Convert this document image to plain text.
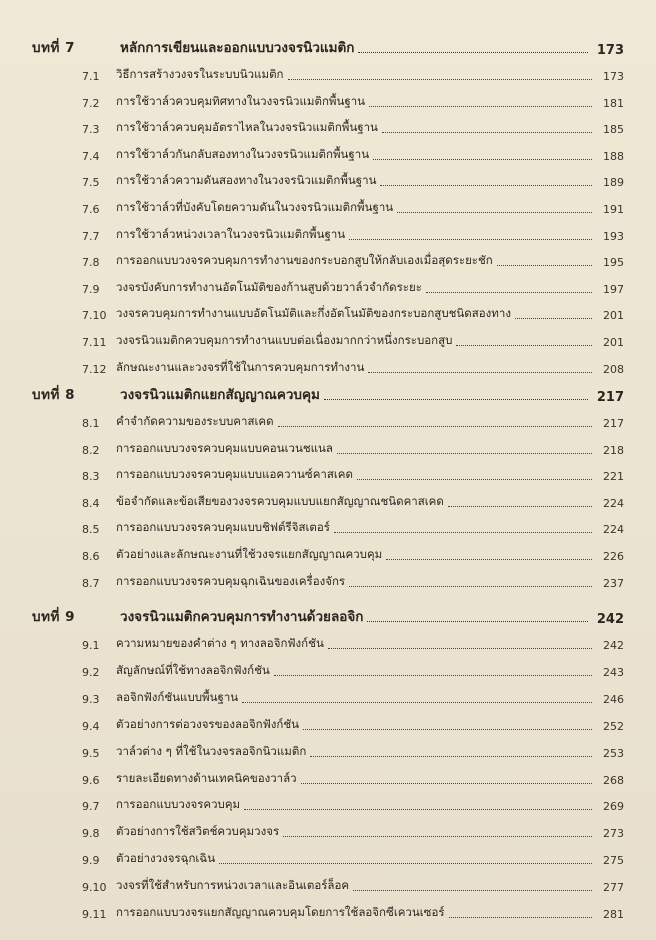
บทที่ 7	หลักการเขียนและออกแบบวงจรนิวแมติก	173
7.1	วิธีการสร้างวงจรในระบบนิวแมติก	173
7.2	การใช้วาล์วควบคุมทิศทางในวงจรนิวแมติกพื้นฐาน	181
7.3	การใช้วาล์วควบคุมอัตราไหลในวงจรนิวแมติกพื้นฐาน	185
7.4	การใช้วาล์วกันกลับสองทางในวงจรนิวแมติกพื้นฐาน	188
7.5	การใช้วาล์วความดันสองทางในวงจรนิวแมติกพื้นฐาน	189
7.6	การใช้วาล์วที่บังคับโดยความดันในวงจรนิวแมติกพื้นฐาน	191
7.7	การใช้วาล์วหน่วงเวลาในวงจรนิวแมติกพื้นฐาน	193
7.8	การออกแบบวงจรควบคุมการทำงานของกระบอกสูบให้กลับเองเมื่อสุดระยะชัก	195
7.9	วงจรบังคับการทำงานอัตโนมัติของก้านสูบด้วยวาล์วจำกัดระยะ	197
7.10 วงจรควบคุมการทำงานแบบอัตโนมัติและกึ่งอัตโนมัติของกระบอกสูบชนิดสองทาง	201
7.11 วงจรนิวแมติกควบคุมการทำงานแบบต่อเนื่องมากกว่าหนึ่งกระบอกสูบ	201
7.12 ลักษณะงานและวงจรที่ใช้ในการควบคุมการทำงาน	208
บทที่ 8	วงจรนิวแมติกแยกสัญญาณควบคุม	217
8.1	คำจำกัดความของระบบคาสเคด	217
8.2	การออกแบบวงจรควบคุมแบบคอนเวนชแนล	218
8.3	การออกแบบวงจรควบคุมแบบแอควานซ์คาสเคด	221
8.4	ข้อจำกัดและข้อเสียของวงจรควบคุมแบบแยกสัญญาณชนิดคาสเคด	224
8.5	การออกแบบวงจรควบคุมแบบชิฟต์รีจิสเตอร์	224
8.6	ตัวอย่างและลักษณะงานที่ใช้วงจรแยกสัญญาณควบคุม	226
8.7	การออกแบบวงจรควบคุมฉุกเฉินของเครื่องจักร	237
บทที่ 9	วงจรนิวแมติกควบคุมการทำงานด้วยลอจิก	242
9.1	ความหมายของคำต่าง ๆ ทางลอจิกฟังก์ชัน	242
9.2	สัญลักษณ์ที่ใช้ทางลอจิกฟังก์ชัน	243
9.3	ลอจิกฟังก์ชันแบบพื้นฐาน	246
9.4	ตัวอย่างการต่อวงจรของลอจิกฟังก์ชัน	252
9.5	วาล์วต่าง ๆ ที่ใช้ในวงจรลอจิกนิวแมติก	253
9.6	รายละเอียดทางด้านเทคนิคของวาล์ว	268
9.7	การออกแบบวงจรควบคุม	269
9.8	ตัวอย่างการใช้สวิตช์ควบคุมวงจร	273
9.9	ตัวอย่างวงจรฉุกเฉิน	275
9.10 วงจรที่ใช้สำหรับการหน่วงเวลาและอินเตอร์ล็อค	277
9.11 การออกแบบวงจรแยกสัญญาณควบคุมโดยการใช้ลอจิกซีเควนเซอร์	281
